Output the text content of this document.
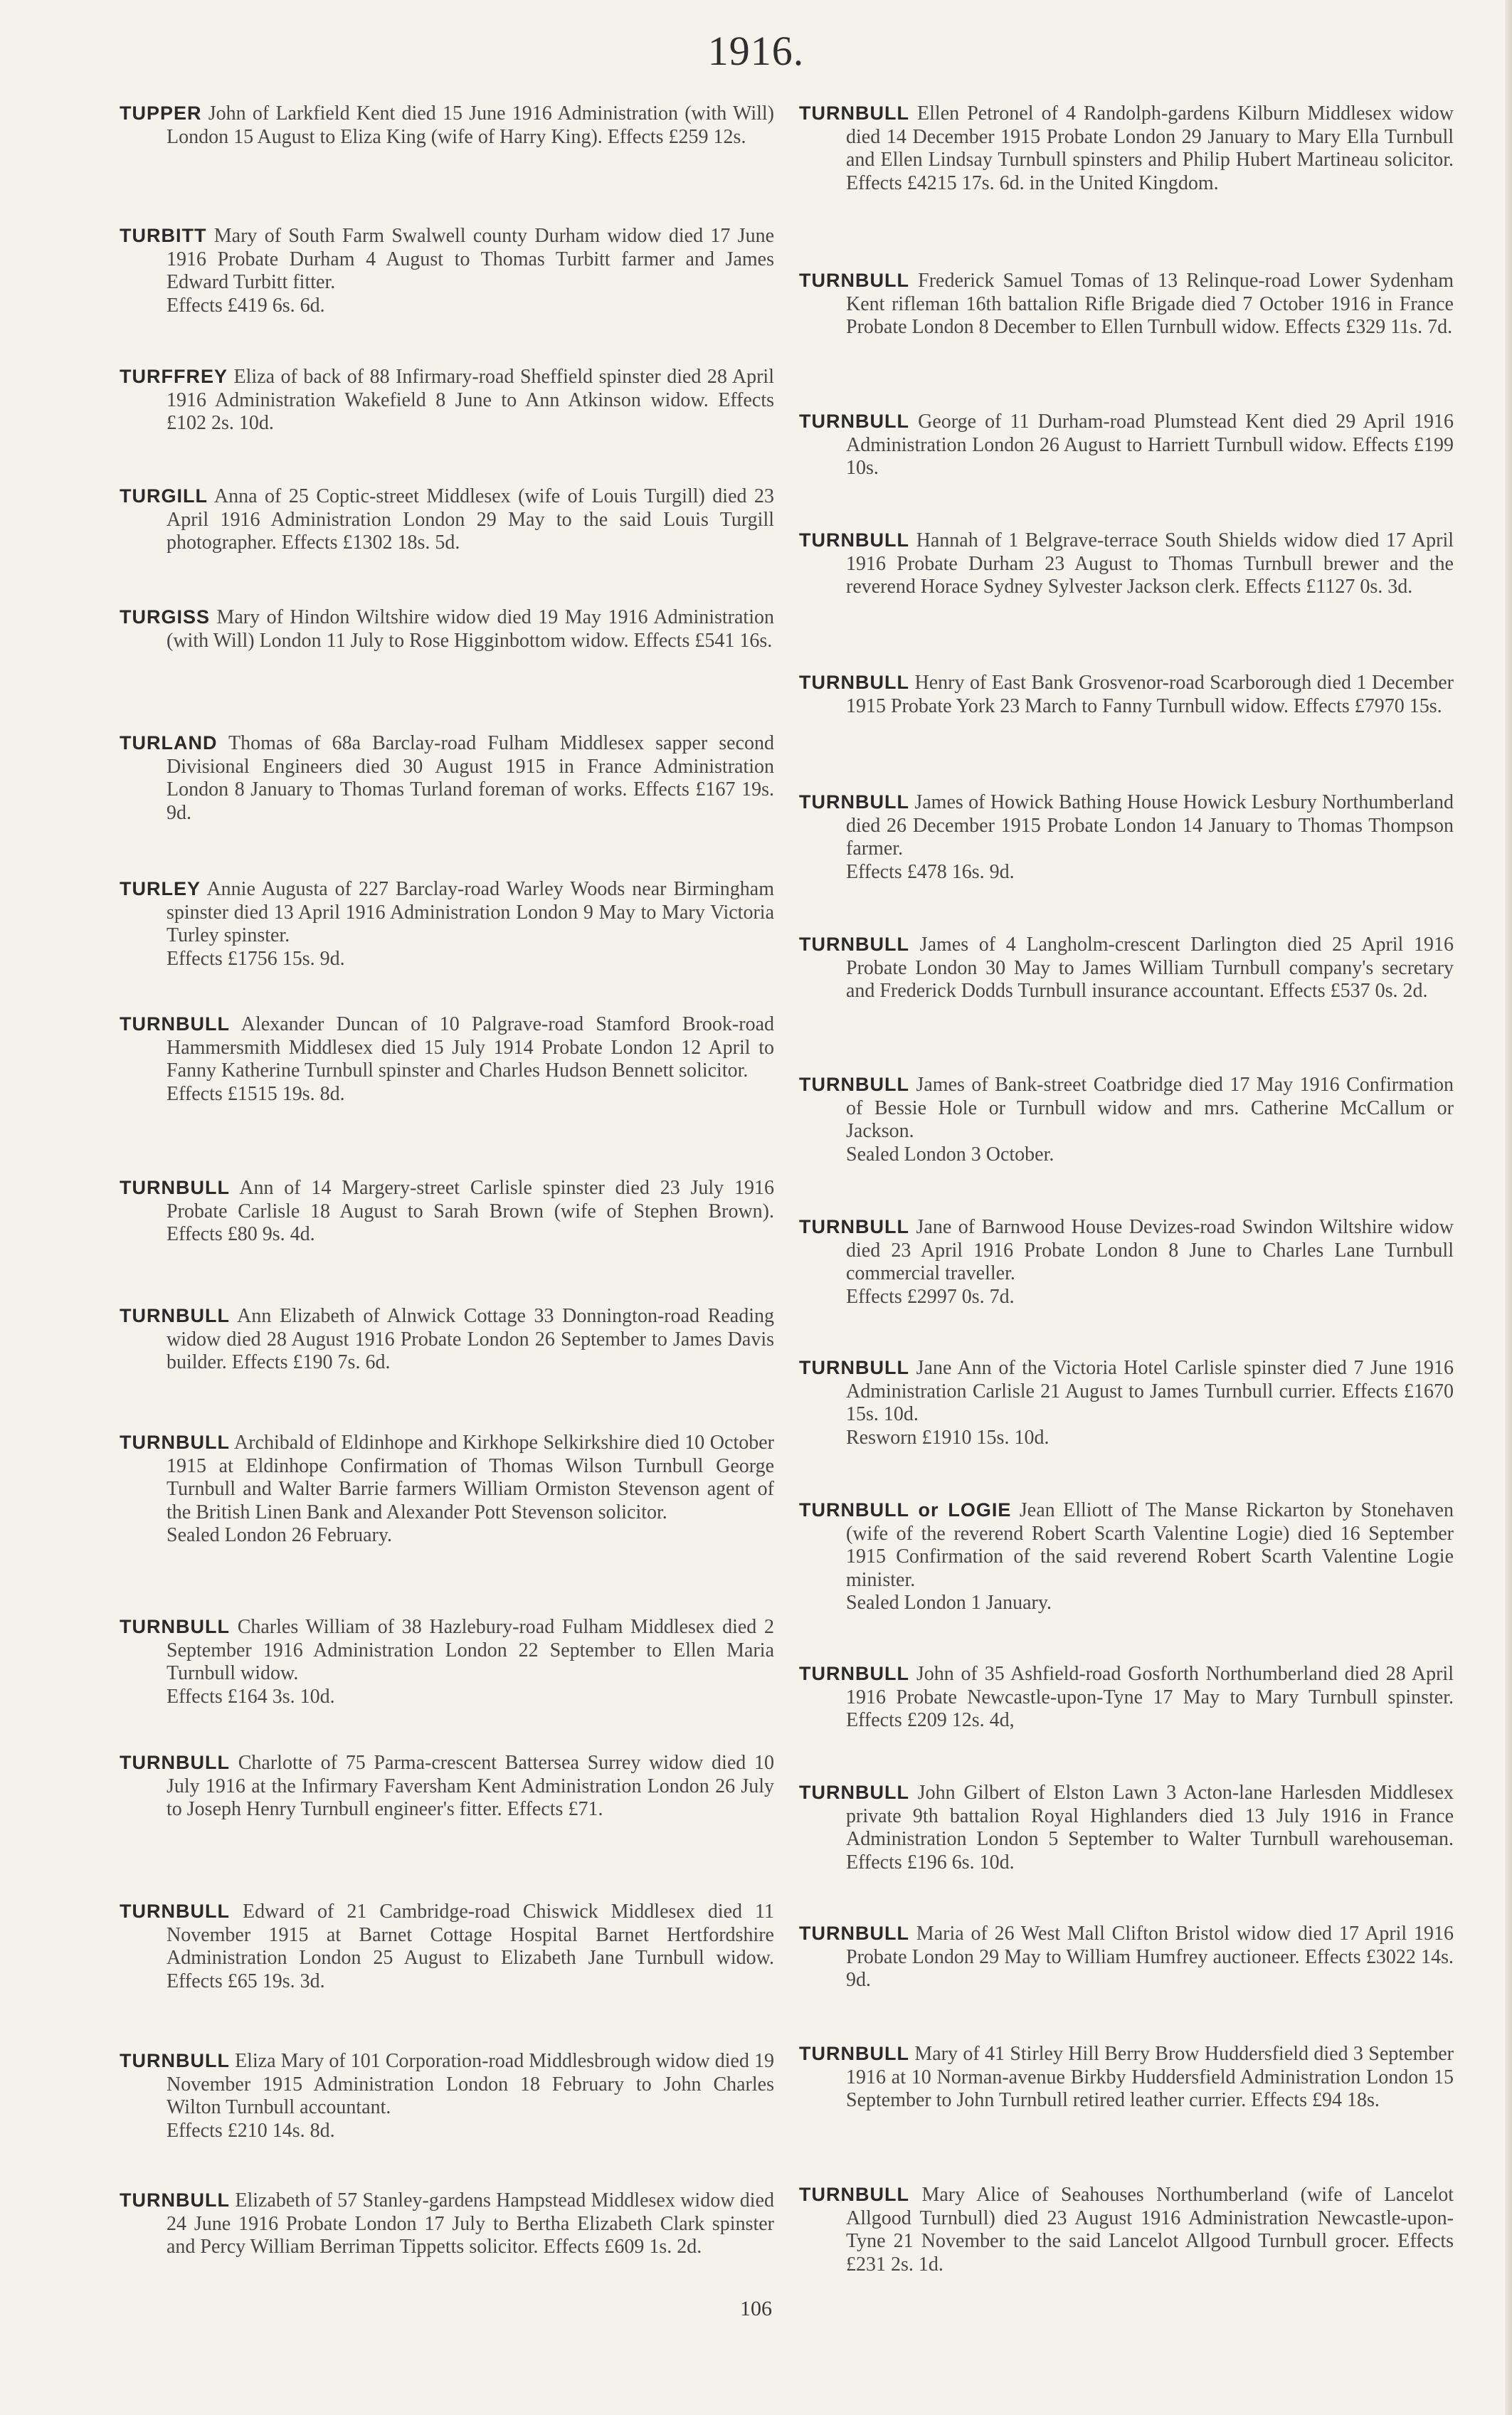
1916.
TUPPER John of Larkfield Kent died 15 June 1916 Administration (with Will) London 15 August to Eliza King (wife of Harry King). Effects £259 12s.
TURBITT Mary of South Farm Swalwell county Durham widow died 17 June 1916 Probate Durham 4 August to Thomas Turbitt farmer and James Edward Turbitt fitter.
Effects £419 6s. 6d.
TURFFREY Eliza of back of 88 Infirmary-road Sheffield spinster died 28 April 1916 Administration Wakefield 8 June to Ann Atkinson widow. Effects £102 2s. 10d.
TURGILL Anna of 25 Coptic-street Middlesex (wife of Louis Turgill) died 23 April 1916 Administration London 29 May to the said Louis Turgill photographer. Effects £1302 18s. 5d.
TURGISS Mary of Hindon Wiltshire widow died 19 May 1916 Administration (with Will) London 11 July to Rose Higginbottom widow. Effects £541 16s.
TURLAND Thomas of 68a Barclay-road Fulham Middlesex sapper second Divisional Engineers died 30 August 1915 in France Administration London 8 January to Thomas Turland foreman of works. Effects £167 19s. 9d.
TURLEY Annie Augusta of 227 Barclay-road Warley Woods near Birmingham spinster died 13 April 1916 Administration London 9 May to Mary Victoria Turley spinster.
Effects £1756 15s. 9d.
TURNBULL Alexander Duncan of 10 Palgrave-road Stamford Brook-road Hammersmith Middlesex died 15 July 1914 Probate London 12 April to Fanny Katherine Turnbull spinster and Charles Hudson Bennett solicitor.
Effects £1515 19s. 8d.
TURNBULL Ann of 14 Margery-street Carlisle spinster died 23 July 1916 Probate Carlisle 18 August to Sarah Brown (wife of Stephen Brown). Effects £80 9s. 4d.
TURNBULL Ann Elizabeth of Alnwick Cottage 33 Donnington-road Reading widow died 28 August 1916 Probate London 26 September to James Davis builder. Effects £190 7s. 6d.
TURNBULL Archibald of Eldinhope and Kirkhope Selkirkshire died 10 October 1915 at Eldinhope Confirmation of Thomas Wilson Turnbull George Turnbull and Walter Barrie farmers William Ormiston Stevenson agent of the British Linen Bank and Alexander Pott Stevenson solicitor.
Sealed London 26 February.
TURNBULL Charles William of 38 Hazlebury-road Fulham Middlesex died 2 September 1916 Administration London 22 September to Ellen Maria Turnbull widow.
Effects £164 3s. 10d.
TURNBULL Charlotte of 75 Parma-crescent Battersea Surrey widow died 10 July 1916 at the Infirmary Faversham Kent Administration London 26 July to Joseph Henry Turnbull engineer's fitter. Effects £71.
TURNBULL Edward of 21 Cambridge-road Chiswick Middlesex died 11 November 1915 at Barnet Cottage Hospital Barnet Hertfordshire Administration London 25 August to Elizabeth Jane Turnbull widow. Effects £65 19s. 3d.
TURNBULL Eliza Mary of 101 Corporation-road Middlesbrough widow died 19 November 1915 Administration London 18 February to John Charles Wilton Turnbull accountant.
Effects £210 14s. 8d.
TURNBULL Elizabeth of 57 Stanley-gardens Hampstead Middlesex widow died 24 June 1916 Probate London 17 July to Bertha Elizabeth Clark spinster and Percy William Berriman Tippetts solicitor. Effects £609 1s. 2d.
TURNBULL Ellen Petronel of 4 Randolph-gardens Kilburn Middlesex widow died 14 December 1915 Probate London 29 January to Mary Ella Turnbull and Ellen Lindsay Turnbull spinsters and Philip Hubert Martineau solicitor. Effects £4215 17s. 6d. in the United Kingdom.
TURNBULL Frederick Samuel Tomas of 13 Relinque-road Lower Sydenham Kent rifleman 16th battalion Rifle Brigade died 7 October 1916 in France Probate London 8 December to Ellen Turnbull widow. Effects £329 11s. 7d.
TURNBULL George of 11 Durham-road Plumstead Kent died 29 April 1916 Administration London 26 August to Harriett Turnbull widow. Effects £199 10s.
TURNBULL Hannah of 1 Belgrave-terrace South Shields widow died 17 April 1916 Probate Durham 23 August to Thomas Turnbull brewer and the reverend Horace Sydney Sylvester Jackson clerk. Effects £1127 0s. 3d.
TURNBULL Henry of East Bank Grosvenor-road Scarborough died 1 December 1915 Probate York 23 March to Fanny Turnbull widow. Effects £7970 15s.
TURNBULL James of Howick Bathing House Howick Lesbury Northumberland died 26 December 1915 Probate London 14 January to Thomas Thompson farmer.
Effects £478 16s. 9d.
TURNBULL James of 4 Langholm-crescent Darlington died 25 April 1916 Probate London 30 May to James William Turnbull company's secretary and Frederick Dodds Turnbull insurance accountant. Effects £537 0s. 2d.
TURNBULL James of Bank-street Coatbridge died 17 May 1916 Confirmation of Bessie Hole or Turnbull widow and mrs. Catherine McCallum or Jackson.
Sealed London 3 October.
TURNBULL Jane of Barnwood House Devizes-road Swindon Wiltshire widow died 23 April 1916 Probate London 8 June to Charles Lane Turnbull commercial traveller.
Effects £2997 0s. 7d.
TURNBULL Jane Ann of the Victoria Hotel Carlisle spinster died 7 June 1916 Administration Carlisle 21 August to James Turnbull currier. Effects £1670 15s. 10d.
Resworn £1910 15s. 10d.
TURNBULL or LOGIE Jean Elliott of The Manse Rickarton by Stonehaven (wife of the reverend Robert Scarth Valentine Logie) died 16 September 1915 Confirmation of the said reverend Robert Scarth Valentine Logie minister.
Sealed London 1 January.
TURNBULL John of 35 Ashfield-road Gosforth Northumberland died 28 April 1916 Probate Newcastle-upon-Tyne 17 May to Mary Turnbull spinster. Effects £209 12s. 4d,
TURNBULL John Gilbert of Elston Lawn 3 Acton-lane Harlesden Middlesex private 9th battalion Royal Highlanders died 13 July 1916 in France Administration London 5 September to Walter Turnbull warehouseman. Effects £196 6s. 10d.
TURNBULL Maria of 26 West Mall Clifton Bristol widow died 17 April 1916 Probate London 29 May to William Humfrey auctioneer. Effects £3022 14s. 9d.
TURNBULL Mary of 41 Stirley Hill Berry Brow Huddersfield died 3 September 1916 at 10 Norman-avenue Birkby Huddersfield Administration London 15 September to John Turnbull retired leather currier. Effects £94 18s.
TURNBULL Mary Alice of Seahouses Northumberland (wife of Lancelot Allgood Turnbull) died 23 August 1916 Administration Newcastle-upon-Tyne 21 November to the said Lancelot Allgood Turnbull grocer. Effects £231 2s. 1d.
106
